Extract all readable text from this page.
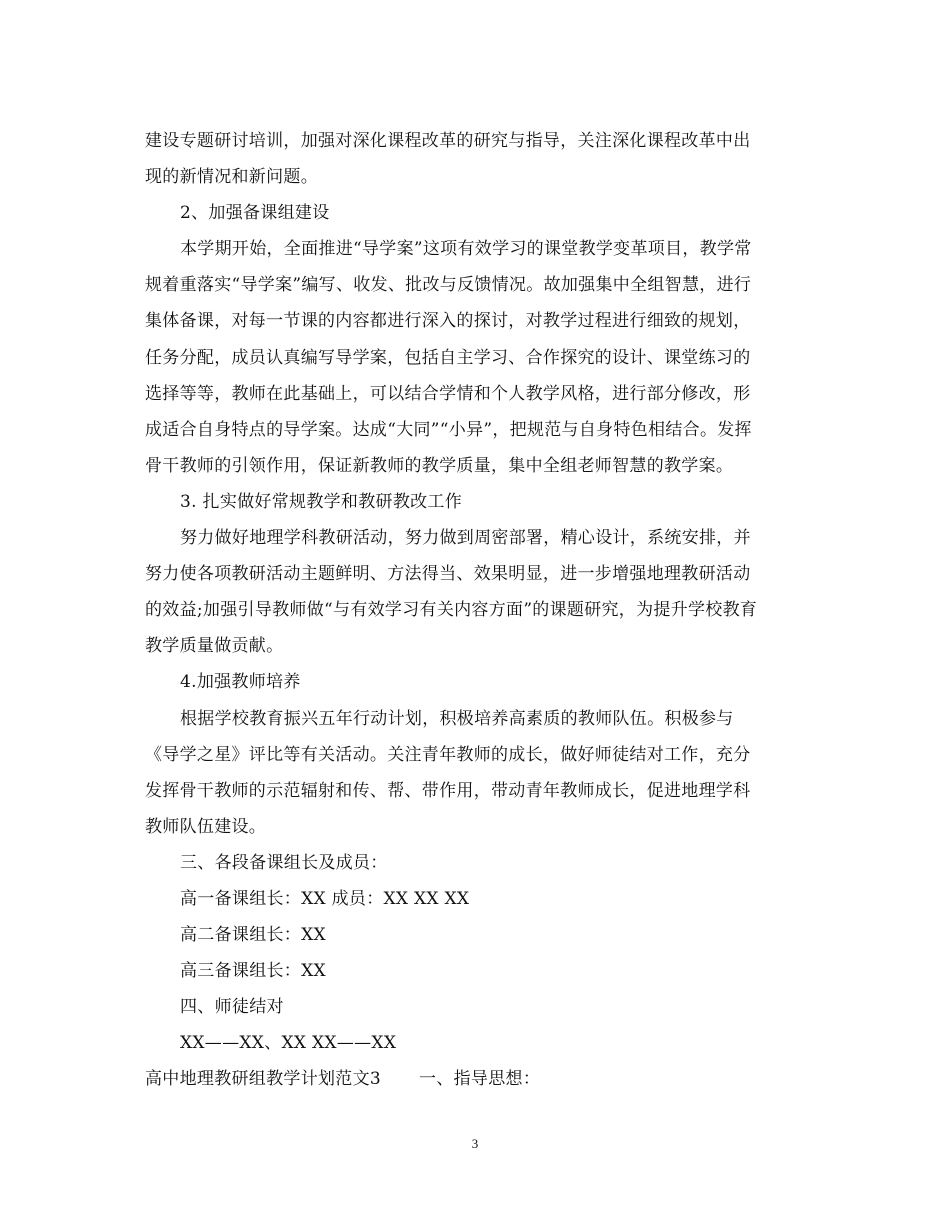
建设专题研讨培训，加强对深化课程改革的研究与指导，关注深化课程改革中出
现的新情况和新问题。
2、加强备课组建设
本学期开始，全面推进“导学案”这项有效学习的课堂教学变革项目，教学常
规着重落实“导学案”编写、收发、批改与反馈情况。故加强集中全组智慧，进行
集体备课，对每一节课的内容都进行深入的探讨，对教学过程进行细致的规划，
任务分配，成员认真编写导学案，包括自主学习、合作探究的设计、课堂练习的
选择等等，教师在此基础上，可以结合学情和个人教学风格，进行部分修改，形
成适合自身特点的导学案。达成“大同”“小异”，把规范与自身特色相结合。发挥
骨干教师的引领作用，保证新教师的教学质量，集中全组老师智慧的教学案。
3. 扎实做好常规教学和教研教改工作
努力做好地理学科教研活动，努力做到周密部署，精心设计，系统安排，并
努力使各项教研活动主题鲜明、方法得当、效果明显，进一步增强地理教研活动
的效益;加强引导教师做“与有效学习有关内容方面”的课题研究，为提升学校教育
教学质量做贡献。
4.加强教师培养
根据学校教育振兴五年行动计划，积极培养高素质的教师队伍。积极参与
《导学之星》评比等有关活动。关注青年教师的成长，做好师徒结对工作，充分
发挥骨干教师的示范辐射和传、帮、带作用，带动青年教师成长，促进地理学科
教师队伍建设。
三、各段备课组长及成员：
高一备课组长：XX 成员：XX XX XX
高二备课组长：XX
高三备课组长：XX
四、师徒结对
XX——XX、XX XX——XX
高中地理教研组教学计划范文3 一、指导思想：
3
